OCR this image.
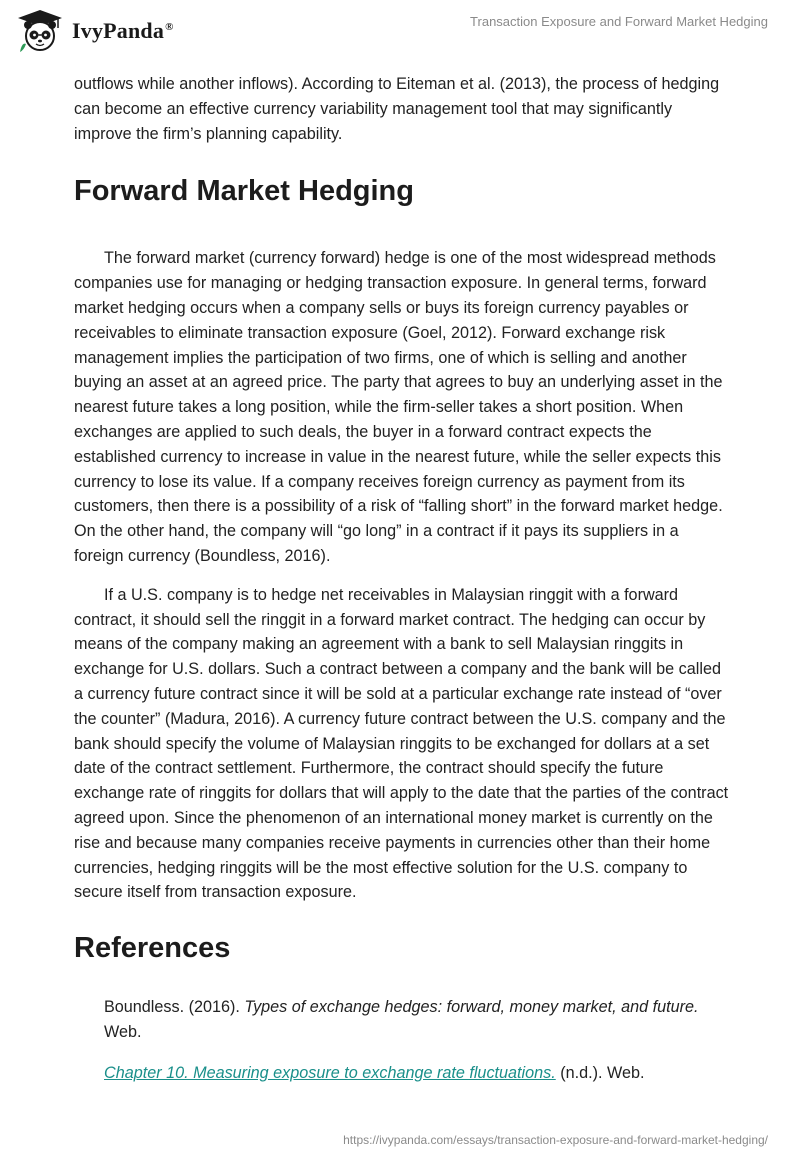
IvyPanda®	Transaction Exposure and Forward Market Hedging

outflows while another inflows). According to Eiteman et al. (2013), the process of hedging can become an effective currency variability management tool that may significantly improve the firm’s planning capability.

Forward Market Hedging

The forward market (currency forward) hedge is one of the most widespread methods companies use for managing or hedging transaction exposure. In general terms, forward market hedging occurs when a company sells or buys its foreign currency payables or receivables to eliminate transaction exposure (Goel, 2012). Forward exchange risk management implies the participation of two firms, one of which is selling and another buying an asset at an agreed price. The party that agrees to buy an underlying asset in the nearest future takes a long position, while the firm-seller takes a short position. When exchanges are applied to such deals, the buyer in a forward contract expects the established currency to increase in value in the nearest future, while the seller expects this currency to lose its value. If a company receives foreign currency as payment from its customers, then there is a possibility of a risk of “falling short” in the forward market hedge. On the other hand, the company will “go long” in a contract if it pays its suppliers in a foreign currency (Boundless, 2016).

If a U.S. company is to hedge net receivables in Malaysian ringgit with a forward contract, it should sell the ringgit in a forward market contract. The hedging can occur by means of the company making an agreement with a bank to sell Malaysian ringgits in exchange for U.S. dollars. Such a contract between a company and the bank will be called a currency future contract since it will be sold at a particular exchange rate instead of “over the counter” (Madura, 2016). A currency future contract between the U.S. company and the bank should specify the volume of Malaysian ringgits to be exchanged for dollars at a set date of the contract settlement. Furthermore, the contract should specify the future exchange rate of ringgits for dollars that will apply to the date that the parties of the contract agreed upon. Since the phenomenon of an international money market is currently on the rise and because many companies receive payments in currencies other than their home currencies, hedging ringgits will be the most effective solution for the U.S. company to secure itself from transaction exposure.

References

Boundless. (2016). Types of exchange hedges: forward, money market, and future. Web.

Chapter 10. Measuring exposure to exchange rate fluctuations. (n.d.). Web.

https://ivypanda.com/essays/transaction-exposure-and-forward-market-hedging/
